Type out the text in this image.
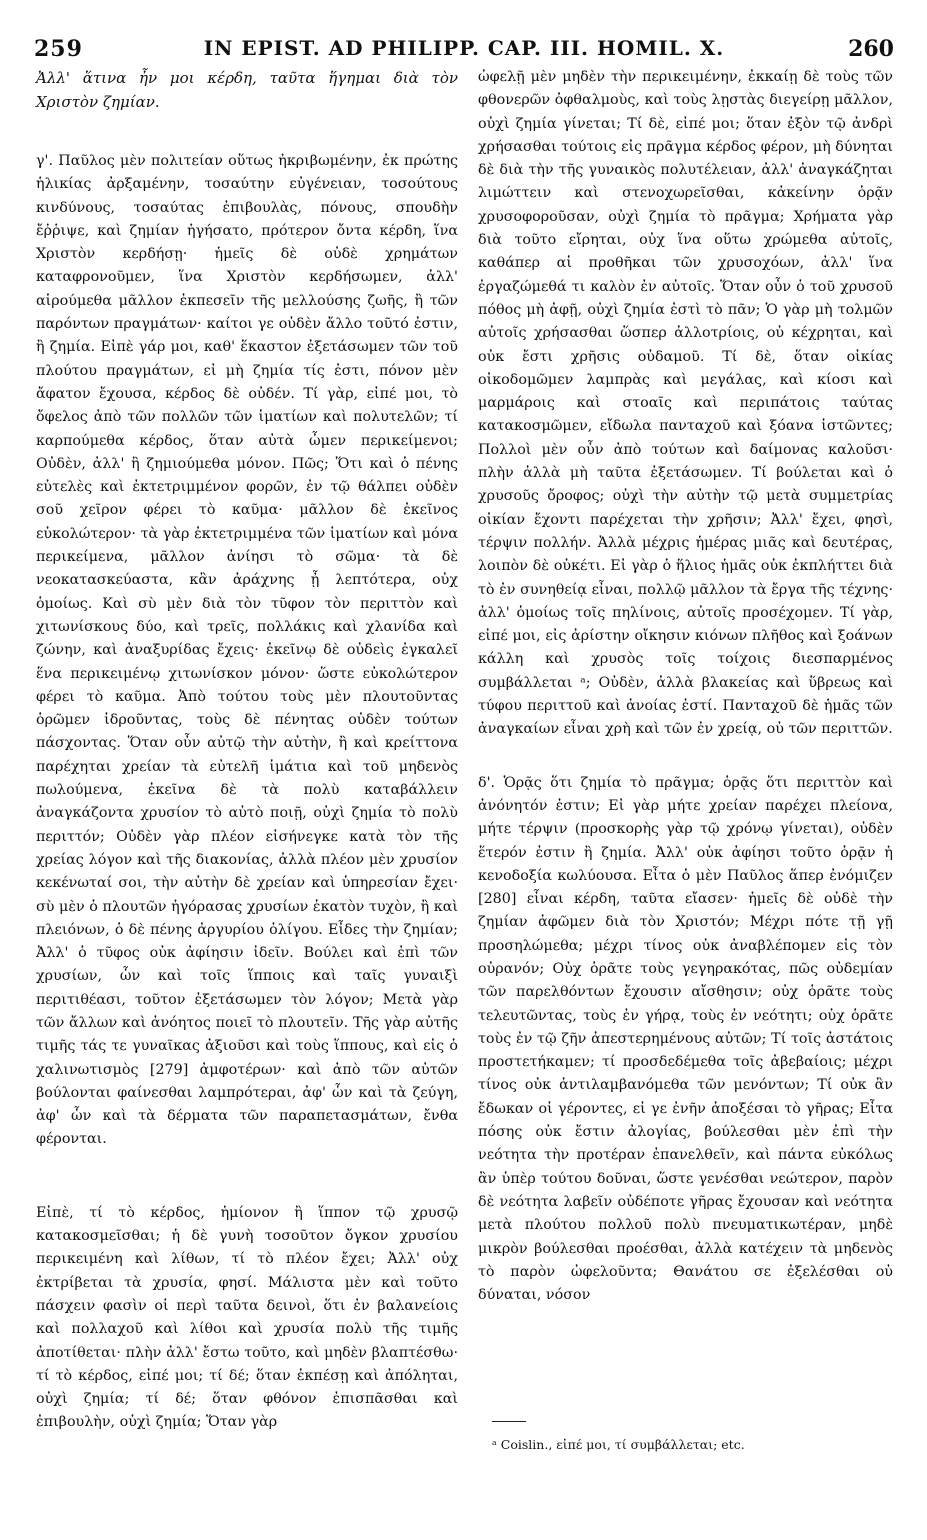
259	IN EPIST. AD PHILIPP. CAP. III. HOMIL. X.	260

Ἀλλ' ἅτινα ἦν μοι κέρδη, ταῦτα ἥγημαι διὰ τὸν Χριστὸν ζημίαν.

γ'. Παῦλος μὲν πολιτείαν οὕτως ἠκριβωμένην, ἐκ πρώτης ἡλικίας ἀρξαμένην, τοσαύτην εὐγένειαν, τοσούτους κινδύνους, τοσαύτας ἐπιβουλὰς, πόνους, σπουδὴν ἔῤῥιψε, καὶ ζημίαν ἡγήσατο, πρότερον ὄντα κέρδη, ἵνα Χριστὸν κερδήσῃ· ἡμεῖς δὲ οὐδὲ χρημάτων καταφρονοῦμεν, ἵνα Χριστὸν κερδήσωμεν, ἀλλ' αἱρούμεθα μᾶλλον ἐκπεσεῖν τῆς μελλούσης ζωῆς, ἢ τῶν παρόντων πραγμάτων· καίτοι γε οὐδὲν ἄλλο τοῦτό ἐστιν, ἢ ζημία. Εἰπὲ γάρ μοι, καθ' ἕκαστον ἐξετάσωμεν τῶν τοῦ πλούτου πραγμάτων, εἰ μὴ ζημία τίς ἐστι, πόνον μὲν ἄφατον ἔχουσα, κέρδος δὲ οὐδέν. Τί γὰρ, εἰπέ μοι, τὸ ὄφελος ἀπὸ τῶν πολλῶν τῶν ἱματίων καὶ πολυτελῶν; τί καρπούμεθα κέρδος, ὅταν αὐτὰ ὦμεν περικείμενοι; Οὐδὲν, ἀλλ' ἢ ζημιούμεθα μόνον. Πῶς; Ὅτι καὶ ὁ πένης εὐτελὲς καὶ ἐκτετριμμένον φορῶν, ἐν τῷ θάλπει οὐδὲν σοῦ χεῖρον φέρει τὸ καῦμα· μᾶλλον δὲ ἐκεῖνος εὐκολώτερον· τὰ γὰρ ἐκτετριμμένα τῶν ἱματίων καὶ μόνα περικείμενα, μᾶλλον ἀνίησι τὸ σῶμα· τὰ δὲ νεοκατασκεύαστα, κἂν ἀράχνης ᾖ λεπτότερα, οὐχ ὁμοίως. Καὶ σὺ μὲν διὰ τὸν τῦφον τὸν περιττὸν καὶ χιτωνίσκους δύο, καὶ τρεῖς, πολλάκις καὶ χλανίδα καὶ ζώνην, καὶ ἀναξυρίδας ἔχεις· ἐκεῖνῳ δὲ οὐδεὶς ἐγκαλεῖ ἕνα περικειμένῳ χιτωνίσκον μόνον· ὥστε εὐκολώτερον φέρει τὸ καῦμα. Ἀπὸ τούτου τοὺς μὲν πλουτοῦντας ὁρῶμεν ἱδροῦντας, τοὺς δὲ πένητας οὐδὲν τούτων πάσχοντας. Ὅταν οὖν αὐτῷ τὴν αὐτὴν, ἢ καὶ κρείττονα παρέχηται χρείαν τὰ εὐτελῆ ἱμάτια καὶ τοῦ μηδενὸς πωλούμενα, ἐκεῖνα δὲ τὰ πολὺ καταβάλλειν ἀναγκάζοντα χρυσίον τὸ αὐτὸ ποιῇ, οὐχὶ ζημία τὸ πολὺ περιττόν; Οὐδὲν γὰρ πλέον εἰσήνεγκε κατὰ τὸν τῆς χρείας λόγον καὶ τῆς διακονίας, ἀλλὰ πλέον μὲν χρυσίον κεκένωταί σοι, τὴν αὐτὴν δὲ χρείαν καὶ ὑπηρεσίαν ἔχει· σὺ μὲν ὁ πλουτῶν ἠγόρασας χρυσίων ἑκατὸν τυχὸν, ἢ καὶ πλειόνων, ὁ δὲ πένης ἀργυρίου ὀλίγου. Εἶδες τὴν ζημίαν; Ἀλλ' ὁ τῦφος οὐκ ἀφίησιν ἰδεῖν. Βούλει καὶ ἐπὶ τῶν χρυσίων, ὧν καὶ τοῖς ἵπποις καὶ ταῖς γυναιξὶ περιτιθέασι, τοῦτον ἐξετάσωμεν τὸν λόγον; Μετὰ γὰρ τῶν ἄλλων καὶ ἀνόητος ποιεῖ τὸ πλουτεῖν. Τῆς γὰρ αὐτῆς τιμῆς τάς τε γυναῖκας ἀξιοῦσι καὶ τοὺς ἵππους, καὶ εἰς ὁ χαλινωτισμὸς [279] ἀμφοτέρων· καὶ ἀπὸ τῶν αὐτῶν βούλονται φαίνεσθαι λαμπρότεραι, ἀφ' ὧν καὶ τὰ ζεύγη, ἀφ' ὧν καὶ τὰ δέρματα τῶν παραπετασμάτων, ἔνθα φέρονται.

Εἰπὲ, τί τὸ κέρδος, ἡμίονον ἢ ἵππον τῷ χρυσῷ κατακοσμεῖσθαι; ἡ δὲ γυνὴ τοσοῦτον ὄγκον χρυσίου περικειμένη καὶ λίθων, τί τὸ πλέον ἔχει; Ἀλλ' οὐχ ἐκτρίβεται τὰ χρυσία, φησί. Μάλιστα μὲν καὶ τοῦτο πάσχειν φασὶν οἱ περὶ ταῦτα δεινοὶ, ὅτι ἐν βαλανείοις καὶ πολλαχοῦ καὶ λίθοι καὶ χρυσία πολὺ τῆς τιμῆς ἀποτίθεται· πλὴν ἀλλ' ἔστω τοῦτο, καὶ μηδὲν βλαπτέσθω· τί τὸ κέρδος, εἰπέ μοι; τί δέ; ὅταν ἐκπέσῃ καὶ ἀπόληται, οὐχὶ ζημία; τί δέ; ὅταν φθόνον ἐπισπᾶσθαι καὶ ἐπιβουλὴν, οὐχὶ ζημία; Ὅταν γὰρ

ὠφελῇ μὲν μηδὲν τὴν περικειμένην, ἐκκαίῃ δὲ τοὺς τῶν φθονερῶν ὀφθαλμοὺς, καὶ τοὺς λῃστὰς διεγείρῃ μᾶλλον, οὐχὶ ζημία γίνεται; Τί δὲ, εἰπέ μοι; ὅταν ἐξὸν τῷ ἀνδρὶ χρήσασθαι τούτοις εἰς πρᾶγμα κέρδος φέρον, μὴ δύνηται δὲ διὰ τὴν τῆς γυναικὸς πολυτέλειαν, ἀλλ' ἀναγκάζηται λιμώττειν καὶ στενοχωρεῖσθαι, κἀκείνην ὁρᾷν χρυσοφοροῦσαν, οὐχὶ ζημία τὸ πρᾶγμα; Χρήματα γὰρ διὰ τοῦτο εἴρηται, οὐχ ἵνα οὕτω χρώμεθα αὐτοῖς, καθάπερ αἱ προθῆκαι τῶν χρυσοχόων, ἀλλ' ἵνα ἐργαζώμεθά τι καλὸν ἐν αὐτοῖς. Ὅταν οὖν ὁ τοῦ χρυσοῦ πόθος μὴ ἀφῇ, οὐχὶ ζημία ἐστὶ τὸ πᾶν; Ὁ γὰρ μὴ τολμῶν αὐτοῖς χρήσασθαι ὥσπερ ἀλλοτρίοις, οὐ κέχρηται, καὶ οὐκ ἔστι χρῆσις οὐδαμοῦ. Τί δὲ, ὅταν οἰκίας οἰκοδομῶμεν λαμπρὰς καὶ μεγάλας, καὶ κίοσι καὶ μαρμάροις καὶ στοαῖς καὶ περιπάτοις ταύτας κατακοσμῶμεν, εἴδωλα πανταχοῦ καὶ ξόανα ἱστῶντες; Πολλοὶ μὲν οὖν ἀπὸ τούτων καὶ δαίμονας καλοῦσι· πλὴν ἀλλὰ μὴ ταῦτα ἐξετάσωμεν. Τί βούλεται καὶ ὁ χρυσοῦς ὄροφος; οὐχὶ τὴν αὐτὴν τῷ μετὰ συμμετρίας οἰκίαν ἔχοντι παρέχεται τὴν χρῆσιν; Ἀλλ' ἔχει, φησὶ, τέρψιν πολλήν. Ἀλλὰ μέχρις ἡμέρας μιᾶς καὶ δευτέρας, λοιπὸν δὲ οὐκέτι. Εἰ γὰρ ὁ ἥλιος ἡμᾶς οὐκ ἐκπλήττει διὰ τὸ ἐν συνηθείᾳ εἶναι, πολλῷ μᾶλλον τὰ ἔργα τῆς τέχνης· ἀλλ' ὁμοίως τοῖς πηλίνοις, αὐτοῖς προσέχομεν. Τί γὰρ, εἰπέ μοι, εἰς ἀρίστην οἴκησιν κιόνων πλῆθος καὶ ξοάνων κάλλη καὶ χρυσὸς τοῖς τοίχοις διεσπαρμένος συμβάλλεται ᵃ; Οὐδὲν, ἀλλὰ βλακείας καὶ ὕβρεως καὶ τύφου περιττοῦ καὶ ἀνοίας ἐστί. Πανταχοῦ δὲ ἡμᾶς τῶν ἀναγκαίων εἶναι χρὴ καὶ τῶν ἐν χρείᾳ, οὐ τῶν περιττῶν.

δ'. Ὁρᾷς ὅτι ζημία τὸ πρᾶγμα; ὁρᾷς ὅτι περιττὸν καὶ ἀνόνητόν ἐστιν; Εἰ γὰρ μήτε χρείαν παρέχει πλείονα, μήτε τέρψιν (προσκορὴς γὰρ τῷ χρόνῳ γίνεται), οὐδὲν ἕτερόν ἐστιν ἢ ζημία. Ἀλλ' οὐκ ἀφίησι τοῦτο ὁρᾷν ἡ κενοδοξία κωλύουσα. Εἶτα ὁ μὲν Παῦλος ἅπερ ἐνόμιζεν [280] εἶναι κέρδη, ταῦτα εἴασεν· ἡμεῖς δὲ οὐδὲ τὴν ζημίαν ἀφῶμεν διὰ τὸν Χριστόν; Μέχρι πότε τῇ γῇ προσηλώμεθα; μέχρι τίνος οὐκ ἀναβλέπομεν εἰς τὸν οὐρανόν; Οὐχ ὁρᾶτε τοὺς γεγηρακότας, πῶς οὐδεμίαν τῶν παρελθόντων ἔχουσιν αἴσθησιν; οὐχ ὁρᾶτε τοὺς τελευτῶντας, τοὺς ἐν γήρᾳ, τοὺς ἐν νεότητι; οὐχ ὁρᾶτε τοὺς ἐν τῷ ζῆν ἀπεστερημένους αὐτῶν; Τί τοῖς ἀστάτοις προστετήκαμεν; τί προσδεδέμεθα τοῖς ἀβεβαίοις; μέχρι τίνος οὐκ ἀντιλαμβανόμεθα τῶν μενόντων; Τί οὐκ ἂν ἔδωκαν οἱ γέροντες, εἰ γε ἐνῆν ἀποξέσαι τὸ γῆρας; Εἶτα πόσης οὐκ ἔστιν ἀλογίας, βούλεσθαι μὲν ἐπὶ τὴν νεότητα τὴν προτέραν ἐπανελθεῖν, καὶ πάντα εὐκόλως ἂν ὑπὲρ τούτου δοῦναι, ὥστε γενέσθαι νεώτερον, παρὸν δὲ νεότητα λαβεῖν οὐδέποτε γῆρας ἔχουσαν καὶ νεότητα μετὰ πλούτου πολλοῦ πολὺ πνευματικωτέραν, μηδὲ μικρὸν βούλεσθαι προέσθαι, ἀλλὰ κατέχειν τὰ μηδενὸς τὸ παρὸν ὠφελοῦντα; Θανάτου σε ἐξελέσθαι οὐ δύναται, νόσον

ᵃ Coislin., εἰπέ μοι, τί συμβάλλεται; etc.
